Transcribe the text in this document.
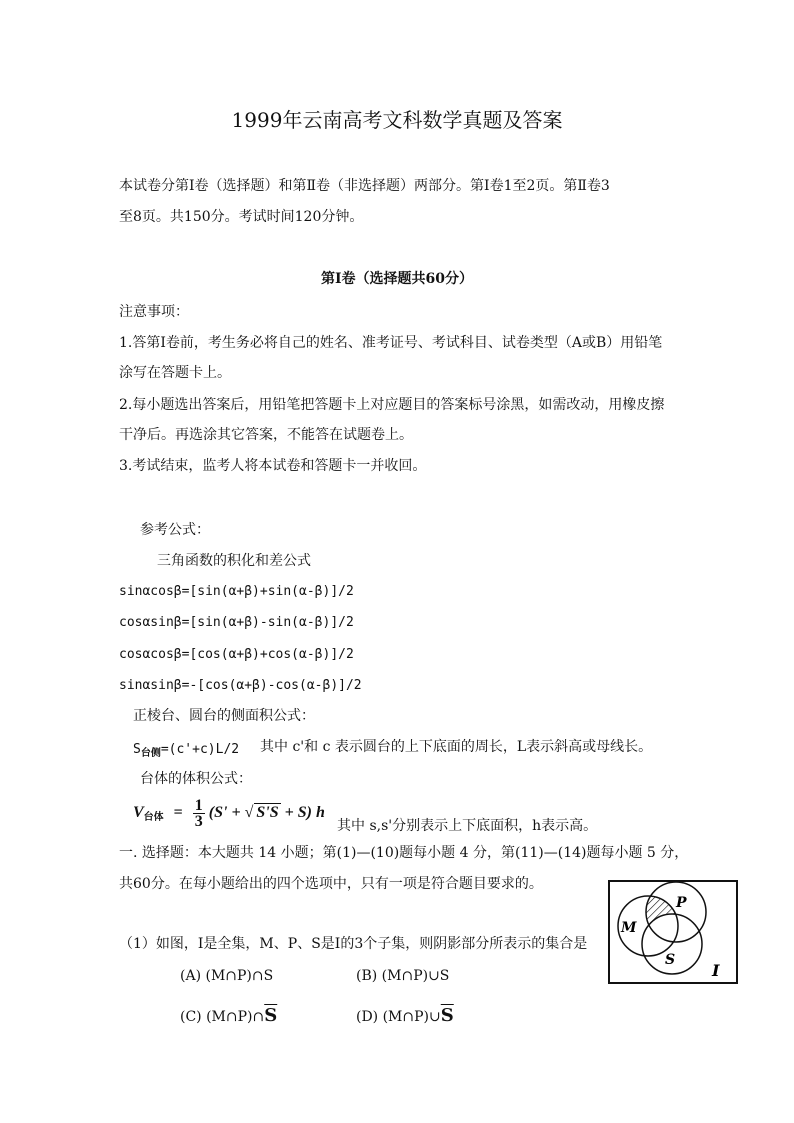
1999年云南高考文科数学真题及答案
本试卷分第Ⅰ卷（选择题）和第Ⅱ卷（非选择题）两部分。第Ⅰ卷1至2页。第Ⅱ卷3
至8页。共150分。考试时间120分钟。
第Ⅰ卷（选择题共60分）
注意事项：
1.答第Ⅰ卷前，考生务必将自己的姓名、准考证号、考试科目、试卷类型（A或B）用铅笔
涂写在答题卡上。
2.每小题选出答案后，用铅笔把答题卡上对应题目的答案标号涂黑，如需改动，用橡皮擦
干净后。再选涂其它答案，不能答在试题卷上。
3.考试结束，监考人将本试卷和答题卡一并收回。
参考公式：
三角函数的积化和差公式
sinαcosβ=[sin(α+β)+sin(α-β)]/2
cosαsinβ=[sin(α+β)-sin(α-β)]/2
cosαcosβ=[cos(α+β)+cos(α-β)]/2
sinαsinβ=-[cos(α+β)-cos(α-β)]/2
正棱台、圆台的侧面积公式：
$S_{台侧}=(c'+c)L/2$ 其中 c'和 c 表示圆台的上下底面的周长，L表示斜高或母线长。
台体的体积公式：
$V_{台体} = \frac{1}{3} (S'$ + √ S'S + S) h
其中 s,s'分别表示上下底面积，h表示高。
一. 选择题：本大题共 14 小题；第(1)—(10)题每小题 4 分，第(11)—(14)题每小题 5 分，
共60分。在每小题给出的四个选项中，只有一项是符合题目要求的。
（1）如图，I是全集，M、P、S是I的3个子集，则阴影部分所表示的集合是
(A) (M∩P)∩S	(B) (M∩P)∪S
(C) $(M\cap P)\cap\overline{S}$	(D) $(M\cap P)\cup\overline{S}$
P
M
S
I
